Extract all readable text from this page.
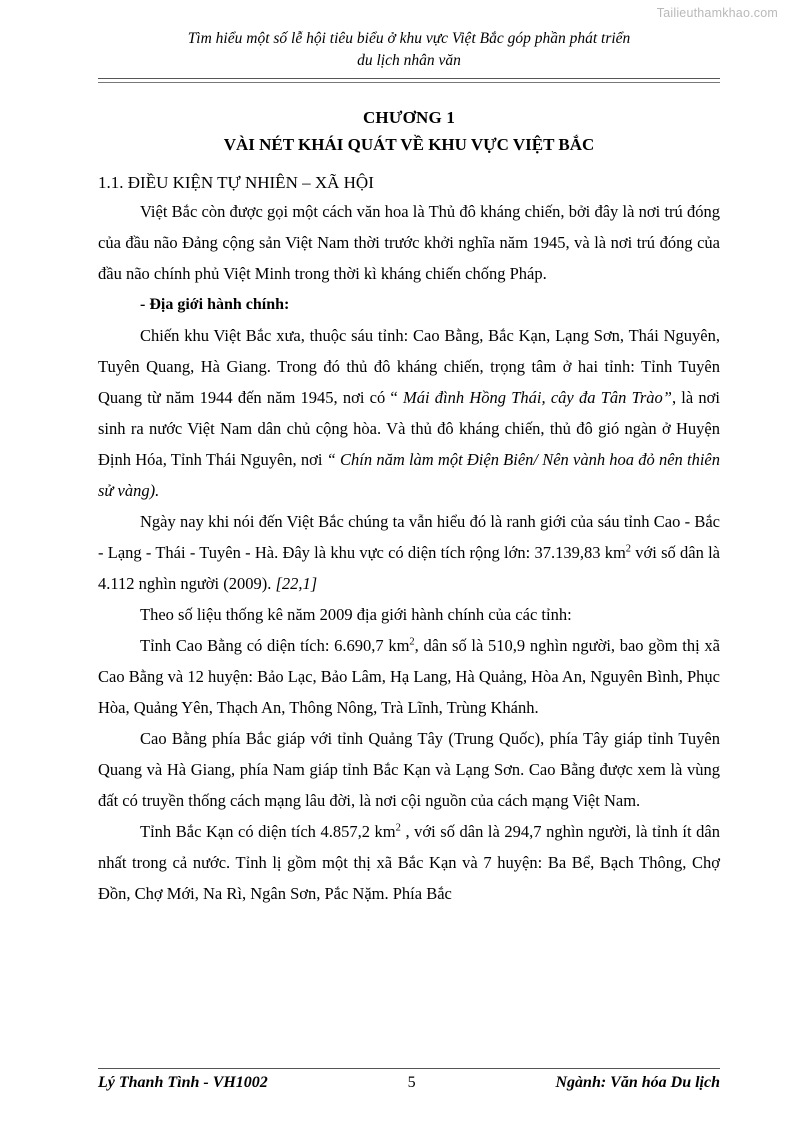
Tailieuthamkhao.com
Tìm hiểu một số lễ hội tiêu biểu ở khu vực Việt Bắc góp phần phát triển
du lịch nhân văn
CHƯƠNG 1
VÀI NÉT KHÁI QUÁT VỀ KHU VỰC VIỆT BẮC
1.1. ĐIỀU KIỆN TỰ NHIÊN – XÃ HỘI

Việt Bắc còn được gọi một cách văn hoa là Thủ đô kháng chiến, bởi đây là nơi trú đóng của đầu não Đảng cộng sản Việt Nam thời trước khởi nghĩa năm 1945, và là nơi trú đóng của đầu não chính phủ Việt Minh trong thời kì kháng chiến chống Pháp.

- Địa giới hành chính:

Chiến khu Việt Bắc xưa, thuộc sáu tỉnh: Cao Bằng, Bắc Kạn, Lạng Sơn, Thái Nguyên, Tuyên Quang, Hà Giang. Trong đó thủ đô kháng chiến, trọng tâm ở hai tỉnh: Tỉnh Tuyên Quang từ năm 1944 đến năm 1945, nơi có “ Mái đình Hồng Thái, cây đa Tân Trào”, là nơi sinh ra nước Việt Nam dân chủ cộng hòa. Và thủ đô kháng chiến, thủ đô gió ngàn ở Huyện Định Hóa, Tỉnh Thái Nguyên, nơi “ Chín năm làm một Điện Biên/ Nên vành hoa đỏ nên thiên sử vàng).

Ngày nay khi nói đến Việt Bắc chúng ta vẫn hiểu đó là ranh giới của sáu tỉnh Cao - Bắc - Lạng - Thái - Tuyên - Hà. Đây là khu vực có diện tích rộng lớn: 37.139,83 $km^2$ với số dân là 4.112 nghìn người (2009). [22,1]

Theo số liệu thống kê năm 2009 địa giới hành chính của các tỉnh:

Tỉnh Cao Bằng có diện tích: 6.690,7 $km^2$, dân số là 510,9 nghìn người, bao gồm thị xã Cao Bằng và 12 huyện: Bảo Lạc, Bảo Lâm, Hạ Lang, Hà Quảng, Hòa An, Nguyên Bình, Phục Hòa, Quảng Yên, Thạch An, Thông Nông, Trà Lĩnh, Trùng Khánh.

Cao Bằng phía Bắc giáp với tỉnh Quảng Tây (Trung Quốc), phía Tây giáp tỉnh Tuyên Quang và Hà Giang, phía Nam giáp tỉnh Bắc Kạn và Lạng Sơn. Cao Bằng được xem là vùng đất có truyền thống cách mạng lâu đời, là nơi cội nguồn của cách mạng Việt Nam.

Tỉnh Bắc Kạn có diện tích 4.857,2 $km^2$ , với số dân là 294,7 nghìn người, là tỉnh ít dân nhất trong cả nước. Tỉnh lị gồm một thị xã Bắc Kạn và 7 huyện: Ba Bể, Bạch Thông, Chợ Đồn, Chợ Mới, Na Rì, Ngân Sơn, Pắc Nặm. Phía Bắc

Lý Thanh Tình - VH1002	5	Ngành: Văn hóa Du lịch
